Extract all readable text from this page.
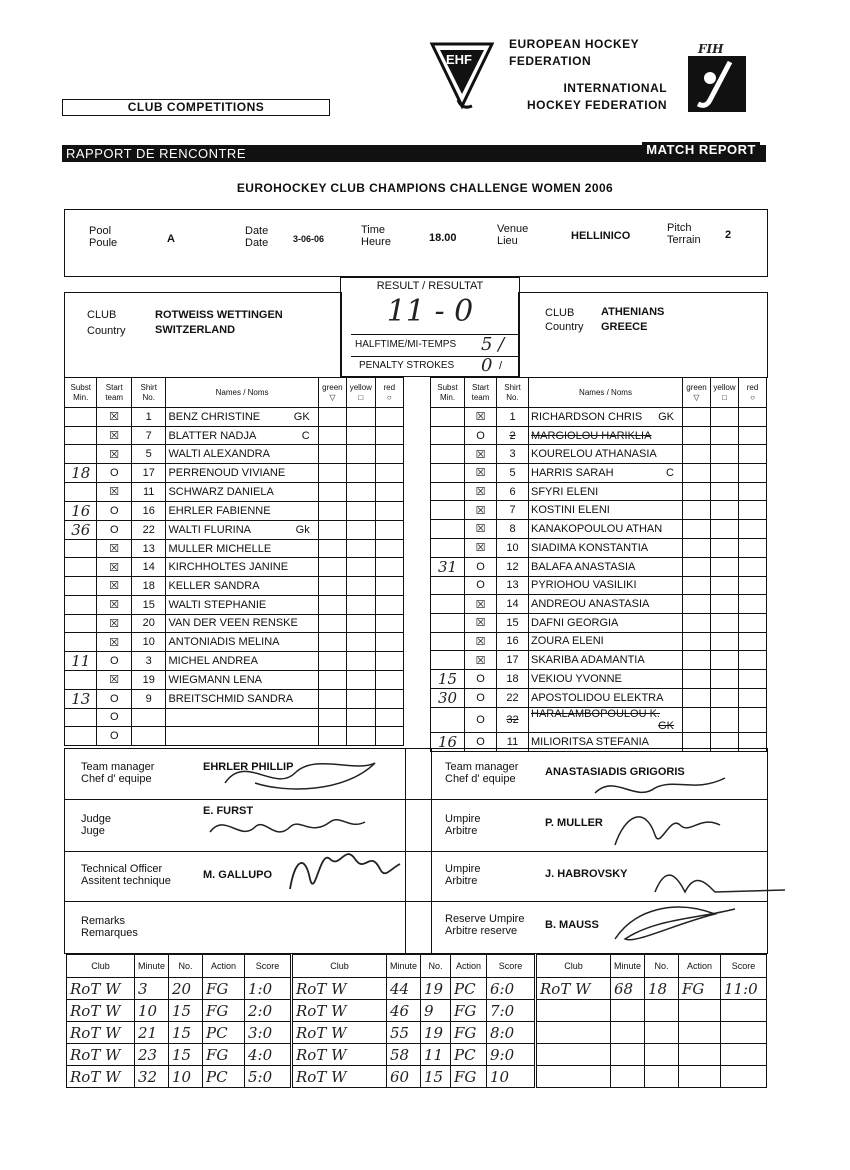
CLUB COMPETITIONS
EHF
EUROPEAN HOCKEY
FEDERATION
INTERNATIONAL
HOCKEY FEDERATION
FIH
RAPPORT DE RENCONTRE	MATCH REPORT
EUROHOCKEY CLUB CHAMPIONS CHALLENGE WOMEN 2006
Pool
Poule	A
Date
Date	3-06-06
Time
Heure	18.00
Venue
Lieu	HELLINICO
Pitch
Terrain 2
CLUB
Country
ROTWEISS WETTINGEN
SWITZERLAND
RESULT / RESULTAT
11 - 0
HALFTIME/MI-TEMPS 5 / 0
PENALTY STROKES	/
CLUB
Country
ATHENIANS
GREECE
Subst
Min.	Start
team	Shirt
No.	Names / Noms	green
▽	yellow
□	red
○
	☒	1	BENZ CHRISTINE GK			

	☒	7	BLATTER NADJA C			

	☒	5	WALTI ALEXANDRA

18	O	17	PERRENOUD VIVIANE

	☒	11	SCHWARZ DANIELA

16	O	16	EHRLER FABIENNE

36	O	22	WALTI FLURINA Gk			

	☒	13	MULLER MICHELLE

	☒	14	KIRCHHOLTES JANINE

	☒	18	KELLER SANDRA

	☒	15	WALTI STEPHANIE

	☒	20	VAN DER VEEN RENSKE

	☒	10	ANTONIADIS MELINA

11	O	3	MICHEL ANDREA

	☒	19	WIEGMANN LENA

13	O	9	BREITSCHMID SANDRA

	O		

	O		

Subst
Min.	Start
team	Shirt
No.	Names / Noms	green
▽	yellow
□	red
○
	☒	1	RICHARDSON CHRIS GK			

	O	2	MARGIOLOU HARIKLIA

	☒	3	KOURELOU ATHANASIA

	☒	5	HARRIS SARAH C			

	☒	6	SFYRI ELENI

	☒	7	KOSTINI ELENI

	☒	8	KANAKOPOULOU ATHAN

	☒	10	SIADIMA KONSTANTIA

31	O	12	BALAFA ANASTASIA

	O	13	PYRIOHOU VASILIKI

	☒	14	ANDREOU ANASTASIA

	☒	15	DAFNI GEORGIA

	☒	16	ZOURA ELENI

	☒	17	SKARIBA ADAMANTIA

15	O	18	VEKIOU YVONNE

30	O	22	APOSTOLIDOU ELEKTRA

	O	32	HARALAMBOPOULOU K.
GK			

16	O	11	MILIORITSA STEFANIA

Team manager
Chef d' equipe
EHRLER PHILLIP	Team manager
Chef d' equipe
ANASTASIADIS GRIGORIS
Judge
Juge
E. FURST
Umpire
Arbitre
P. MULLER
Technical Officer
Assitent technique	M. GALLUPO	Umpire
Arbitre
J. HABROVSKY
Remarks
Remarques
Reserve Umpire
Arbitre reserve	B. MAUSS
Club	Minute	No.	Action	Score
RoT W	3	20	FG	1:0
RoT W	10	15	FG	2:0
RoT W	21	15	PC	3:0
RoT W	23	15	FG	4:0
RoT W	32	10	PC	5:0
Club	Minute	No.	Action	Score
RoT W	44	19	PC	6:0
RoT W	46	9	FG	7:0
RoT W	55	19	FG	8:0
RoT W	58	11	PC	9:0
RoT W	60	15	FG	10
Club	Minute	No.	Action	Score
RoT W	68	18	FG	11:0
